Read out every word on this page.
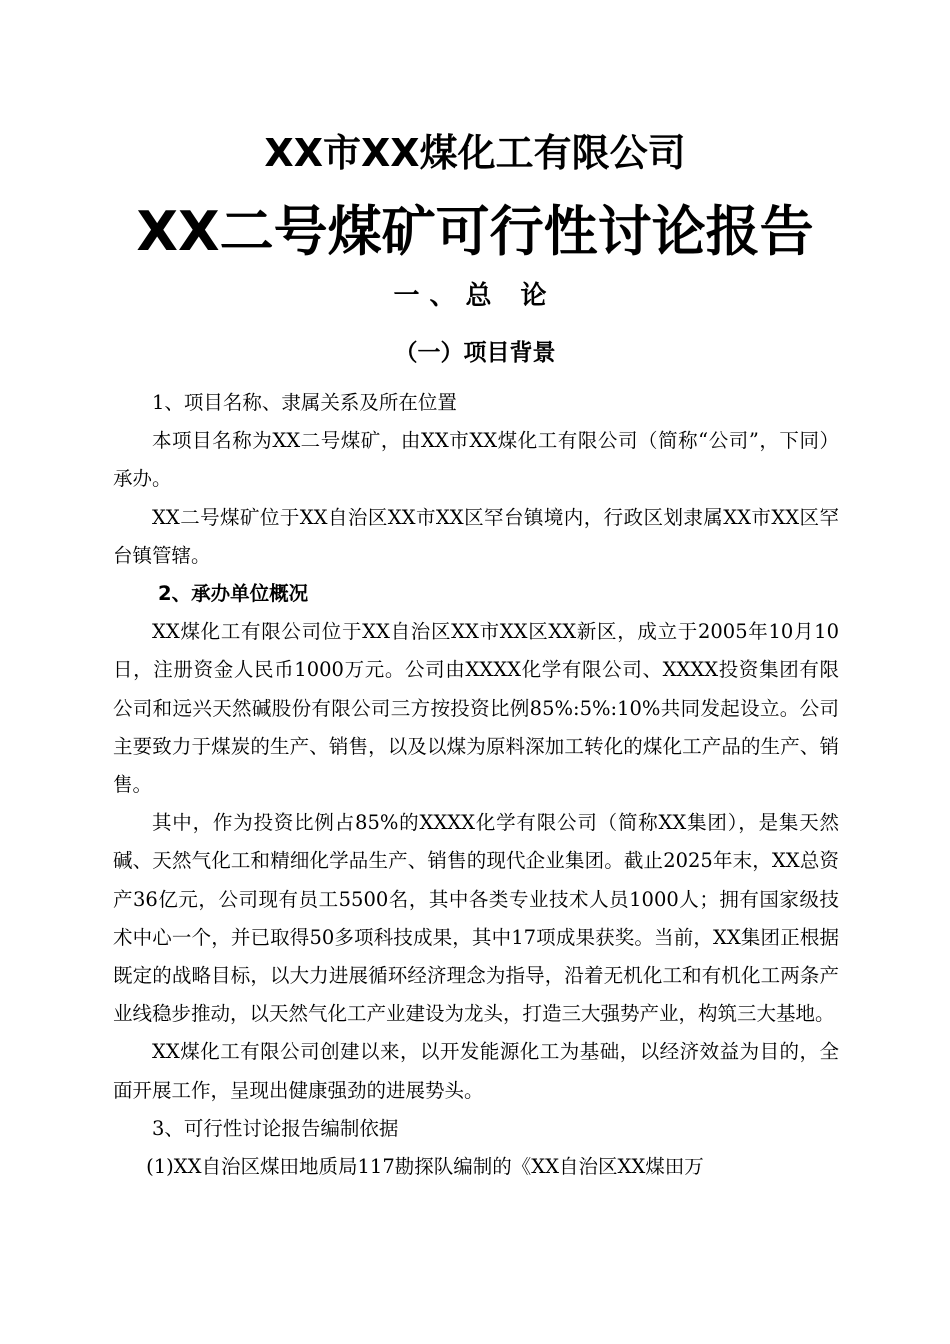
XX市XX煤化工有限公司
XX二号煤矿可行性讨论报告
一、总 论
（一）项目背景

1、项目名称、隶属关系及所在位置

本项目名称为XX二号煤矿，由XX市XX煤化工有限公司（简称“公司”，下同）承办。

XX二号煤矿位于XX自治区XX市XX区罕台镇境内，行政区划隶属XX市XX区罕台镇管辖。

2、承办单位概况

XX煤化工有限公司位于XX自治区XX市XX区XX新区，成立于2005年10月10日，注册资金人民币1000万元。公司由XXXX化学有限公司、XXXX投资集团有限公司和远兴天然碱股份有限公司三方按投资比例85%:5%:10%共同发起设立。公司主要致力于煤炭的生产、销售，以及以煤为原料深加工转化的煤化工产品的生产、销售。

其中，作为投资比例占85%的XXXX化学有限公司（简称XX集团），是集天然碱、天然气化工和精细化学品生产、销售的现代企业集团。截止2025年末，XX总资产36亿元，公司现有员工5500名，其中各类专业技术人员1000人；拥有国家级技术中心一个，并已取得50多项科技成果，其中17项成果获奖。当前，XX集团正根据既定的战略目标，以大力进展循环经济理念为指导，沿着无机化工和有机化工两条产业线稳步推动，以天然气化工产业建设为龙头，打造三大强势产业，构筑三大基地。

XX煤化工有限公司创建以来，以开发能源化工为基础，以经济效益为目的，全面开展工作，呈现出健康强劲的进展势头。

3、可行性讨论报告编制依据

(1)XX自治区煤田地质局117勘探队编制的《XX自治区XX煤田万
